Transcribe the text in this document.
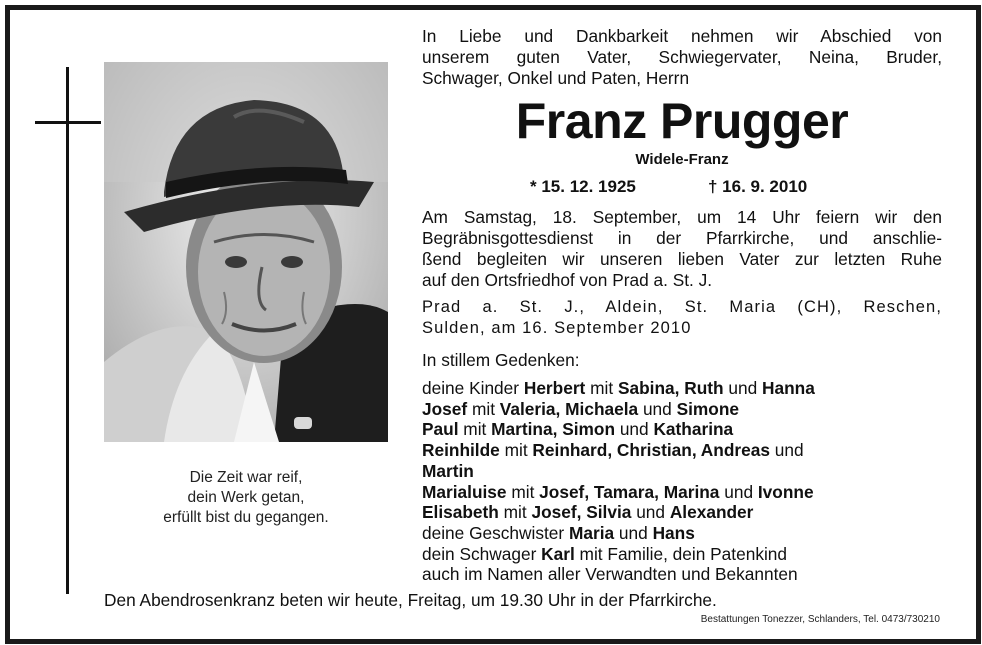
Die Zeit war reif,
dein Werk getan,
erfüllt bist du gegangen.
In Liebe und Dankbarkeit nehmen wir Abschied von
unserem guten Vater, Schwiegervater, Neina, Bruder,
Schwager, Onkel und Paten, Herrn
Franz Prugger
Widele-Franz
* 15. 12. 1925	† 16. 9. 2010
Am Samstag, 18. September, um 14 Uhr feiern wir den
Begräbnisgottesdienst in der Pfarrkirche, und anschlie-
ßend begleiten wir unseren lieben Vater zur letzten Ruhe
auf den Ortsfriedhof von Prad a. St. J.
Prad a. St. J., Aldein, St. Maria (CH), Reschen,
Sulden, am 16. September 2010
In stillem Gedenken:
deine Kinder Herbert mit Sabina, Ruth und Hanna
Josef mit Valeria, Michaela und Simone
Paul mit Martina, Simon und Katharina
Reinhilde mit Reinhard, Christian, Andreas und
Martin
Marialuise mit Josef, Tamara, Marina und Ivonne
Elisabeth mit Josef, Silvia und Alexander
deine Geschwister Maria und Hans
dein Schwager Karl mit Familie, dein Patenkind
auch im Namen aller Verwandten und Bekannten
Den Abendrosenkranz beten wir heute, Freitag, um 19.30 Uhr in der Pfarrkirche.
Bestattungen Tonezzer, Schlanders, Tel. 0473/730210
